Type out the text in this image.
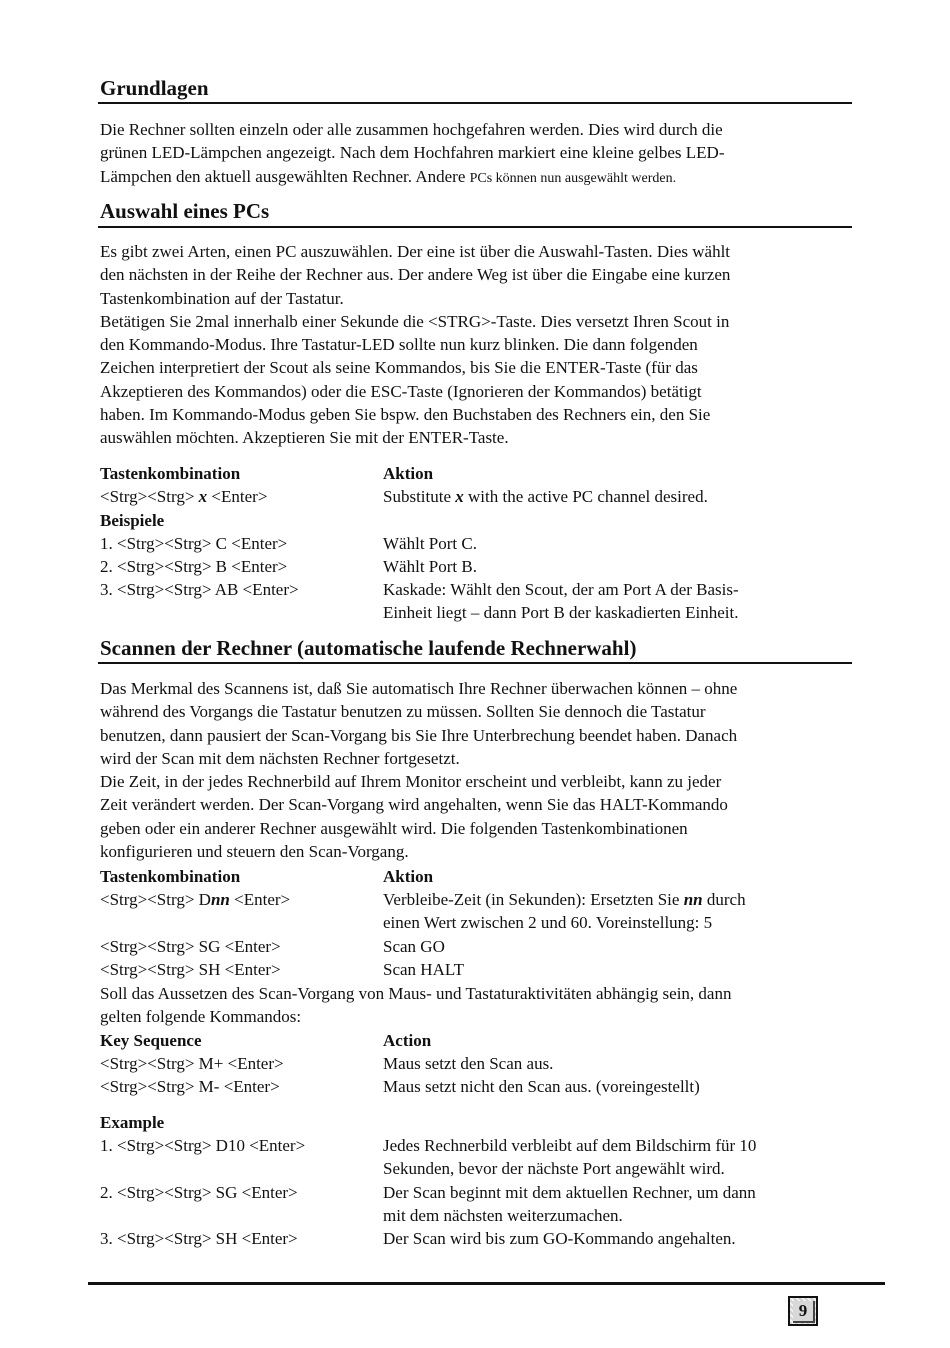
Grundlagen
Die Rechner sollten einzeln oder alle zusammen hochgefahren werden. Dies wird durch die
grünen LED-Lämpchen angezeigt. Nach dem Hochfahren markiert eine kleine gelbes LED-
Lämpchen den aktuell ausgewählten Rechner. Andere PCs können nun ausgewählt werden.
Auswahl eines PCs
Es gibt zwei Arten, einen PC auszuwählen. Der eine ist über die Auswahl-Tasten. Dies wählt
den nächsten in der Reihe der Rechner aus. Der andere Weg ist über die Eingabe eine kurzen
Tastenkombination auf der Tastatur.
Betätigen Sie 2mal innerhalb einer Sekunde die <STRG>-Taste. Dies versetzt Ihren Scout in
den Kommando-Modus. Ihre Tastatur-LED sollte nun kurz blinken. Die dann folgenden
Zeichen interpretiert der Scout als seine Kommandos, bis Sie die ENTER-Taste (für das
Akzeptieren des Kommandos) oder die ESC-Taste (Ignorieren der Kommandos) betätigt
haben. Im Kommando-Modus geben Sie bspw. den Buchstaben des Rechners ein, den Sie
auswählen möchten. Akzeptieren Sie mit der ENTER-Taste.
Tastenkombination	Aktion
<Strg><Strg> x <Enter>	Substitute x with the active PC channel desired.
Beispiele
1. <Strg><Strg> C <Enter>	Wählt Port C.
2. <Strg><Strg> B <Enter>	Wählt Port B.
3. <Strg><Strg> AB <Enter>	Kaskade: Wählt den Scout, der am Port A der Basis-
Einheit liegt – dann Port B der kaskadierten Einheit.
Scannen der Rechner (automatische laufende Rechnerwahl)
Das Merkmal des Scannens ist, daß Sie automatisch Ihre Rechner überwachen können – ohne
während des Vorgangs die Tastatur benutzen zu müssen. Sollten Sie dennoch die Tastatur
benutzen, dann pausiert der Scan-Vorgang bis Sie Ihre Unterbrechung beendet haben. Danach
wird der Scan mit dem nächsten Rechner fortgesetzt.
Die Zeit, in der jedes Rechnerbild auf Ihrem Monitor erscheint und verbleibt, kann zu jeder
Zeit verändert werden. Der Scan-Vorgang wird angehalten, wenn Sie das HALT-Kommando
geben oder ein anderer Rechner ausgewählt wird. Die folgenden Tastenkombinationen
konfigurieren und steuern den Scan-Vorgang.
Tastenkombination	Aktion
<Strg><Strg> Dnn <Enter>	Verbleibe-Zeit (in Sekunden): Ersetzten Sie nn durch
einen Wert zwischen 2 und 60. Voreinstellung: 5
<Strg><Strg> SG <Enter>	Scan GO
<Strg><Strg> SH <Enter>	Scan HALT
Soll das Aussetzen des Scan-Vorgang von Maus- und Tastaturaktivitäten abhängig sein, dann
gelten folgende Kommandos:
Key Sequence	Action
<Strg><Strg> M+ <Enter>	Maus setzt den Scan aus.
<Strg><Strg> M- <Enter>	Maus setzt nicht den Scan aus. (voreingestellt)
Example
1. <Strg><Strg> D10 <Enter>	Jedes Rechnerbild verbleibt auf dem Bildschirm für 10
Sekunden, bevor der nächste Port angewählt wird.
2. <Strg><Strg> SG <Enter>	Der Scan beginnt mit dem aktuellen Rechner, um dann
mit dem nächsten weiterzumachen.
3. <Strg><Strg> SH <Enter>	Der Scan wird bis zum GO-Kommando angehalten.
9
